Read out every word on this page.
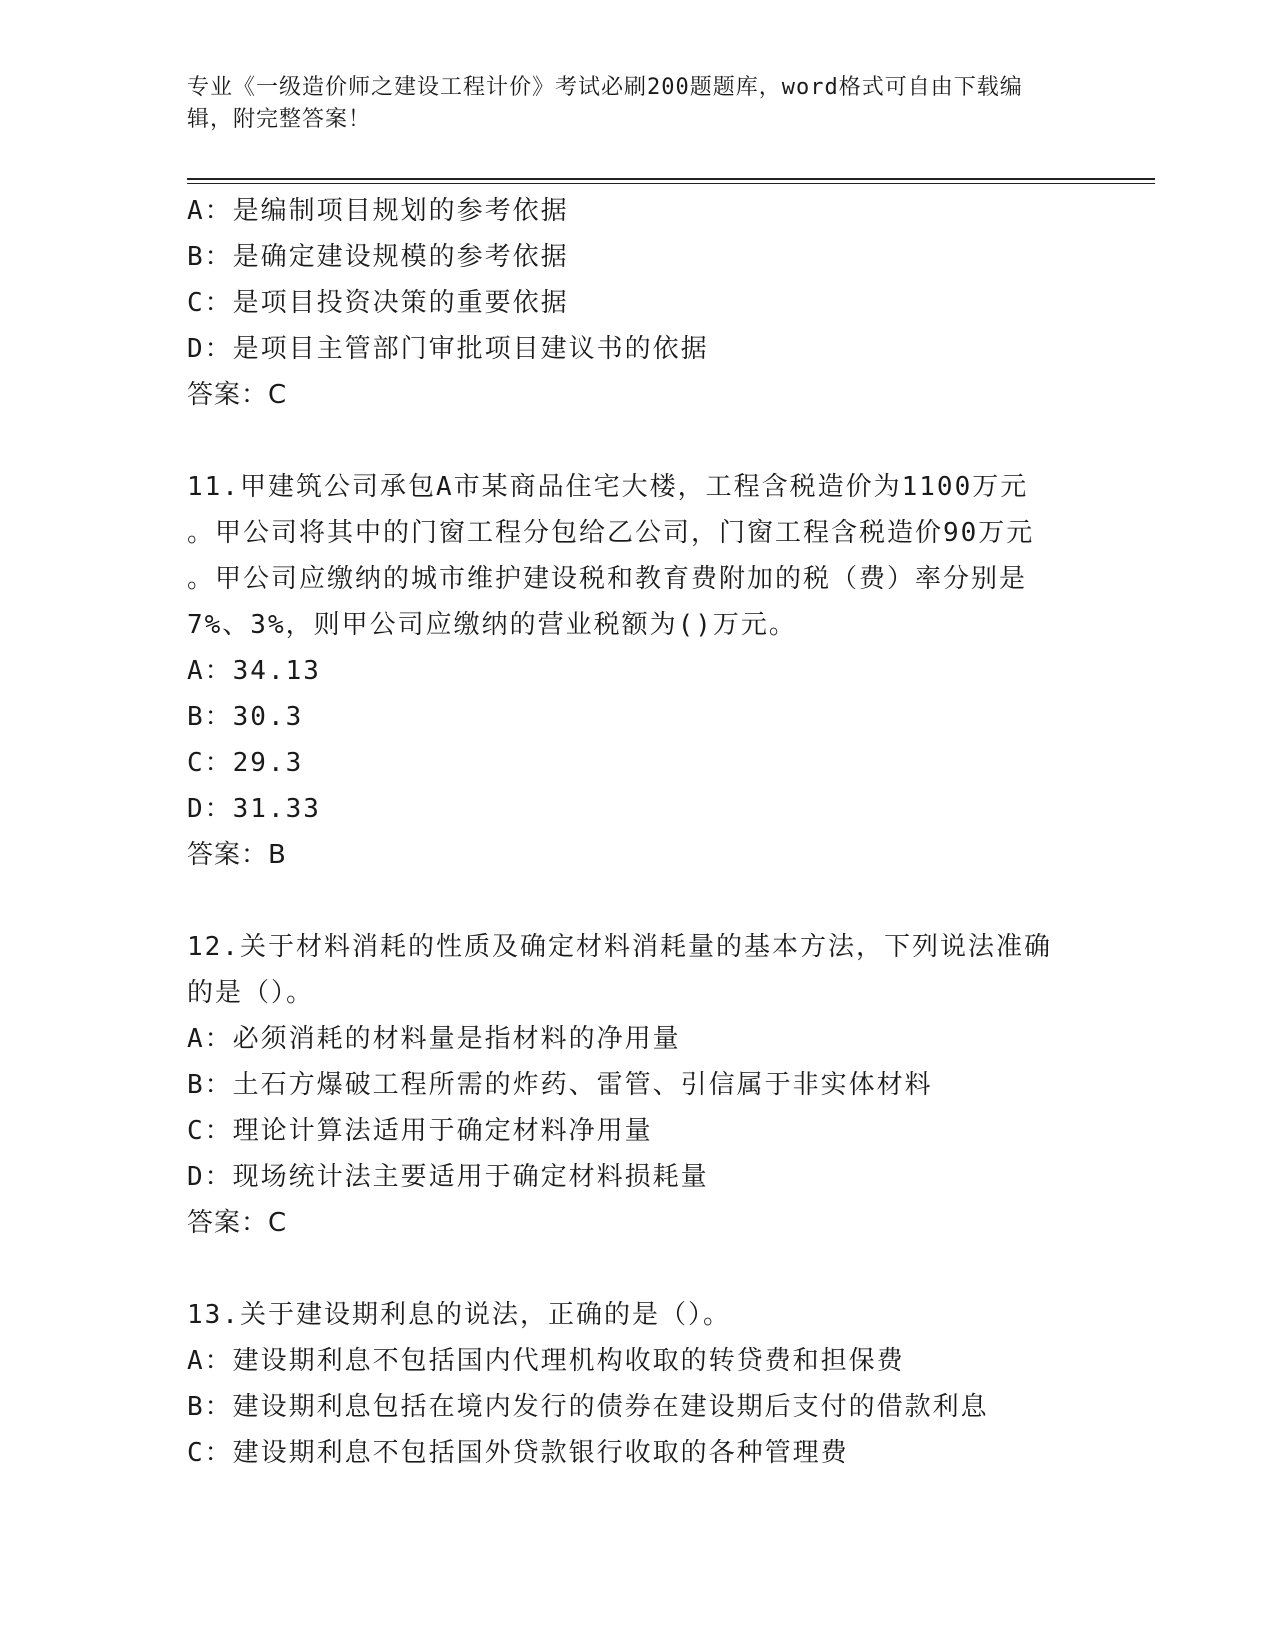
专业《一级造价师之建设工程计价》考试必刷200题题库，word格式可自由下载编辑，附完整答案！
A：是编制项目规划的参考依据
B：是确定建设规模的参考依据
C：是项目投资决策的重要依据
D：是项目主管部门审批项目建议书的依据
答案：C
11.甲建筑公司承包A市某商品住宅大楼，工程含税造价为1100万元
。甲公司将其中的门窗工程分包给乙公司，门窗工程含税造价90万元
。甲公司应缴纳的城市维护建设税和教育费附加的税（费）率分别是
7%、3%，则甲公司应缴纳的营业税额为()万元。
A：34.13
B：30.3
C：29.3
D：31.33
答案：B
12.关于材料消耗的性质及确定材料消耗量的基本方法，下列说法准确
的是（）。
A：必须消耗的材料量是指材料的净用量
B：土石方爆破工程所需的炸药、雷管、引信属于非实体材料
C：理论计算法适用于确定材料净用量
D：现场统计法主要适用于确定材料损耗量
答案：C
13.关于建设期利息的说法，正确的是（）。
A：建设期利息不包括国内代理机构收取的转贷费和担保费
B：建设期利息包括在境内发行的债券在建设期后支付的借款利息
C：建设期利息不包括国外贷款银行收取的各种管理费
